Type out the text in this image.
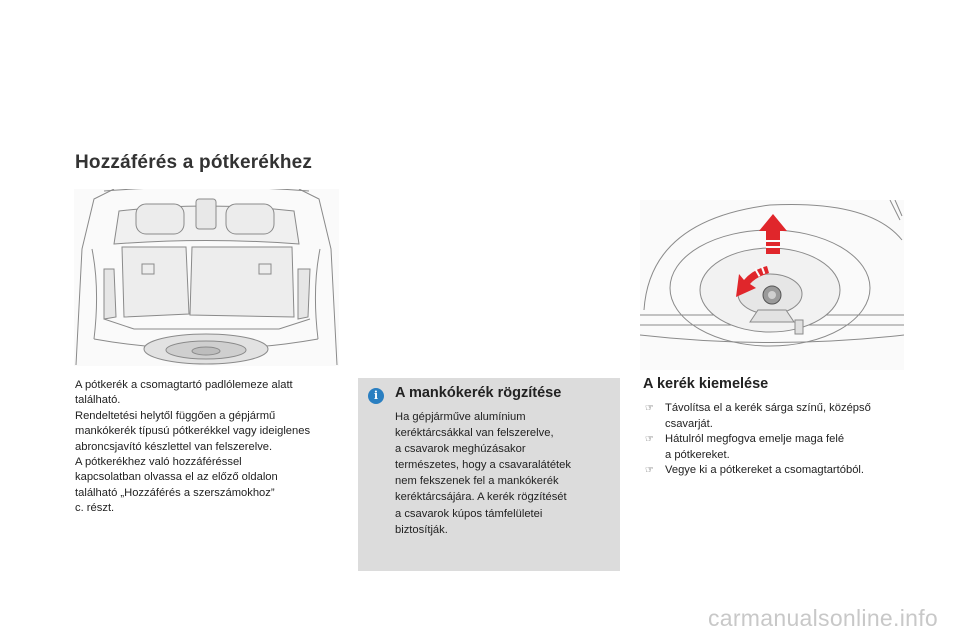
Hozzáférés a pótkerékhez

A pótkerék a csomagtartó padlólemeze alatt

található.

Rendeltetési helytől függően a gépjármű

mankókerék típusú pótkerékkel vagy ideiglenes

abroncsjavító készlettel van felszerelve.

A pótkerékhez való hozzáféréssel

kapcsolatban olvassa el az előző oldalon

található „Hozzáférés a szerszámokhoz”

c. részt.

i	A mankókerék rögzítése

Ha gépjárműve alumínium

keréktárcsákkal van felszerelve,

a csavarok meghúzásakor

természetes, hogy a csavaralátétek

nem fekszenek fel a mankókerék

keréktárcsájára. A kerék rögzítését

a csavarok kúpos támfelületei

biztosítják.

A kerék kiemelése
☞ Távolítsa el a kerék sárga színű, középső
csavarját.
☞ Hátulról megfogva emelje maga felé
a pótkereket.
☞ Vegye ki a pótkereket a csomagtartóból.
carmanualsonline.info
